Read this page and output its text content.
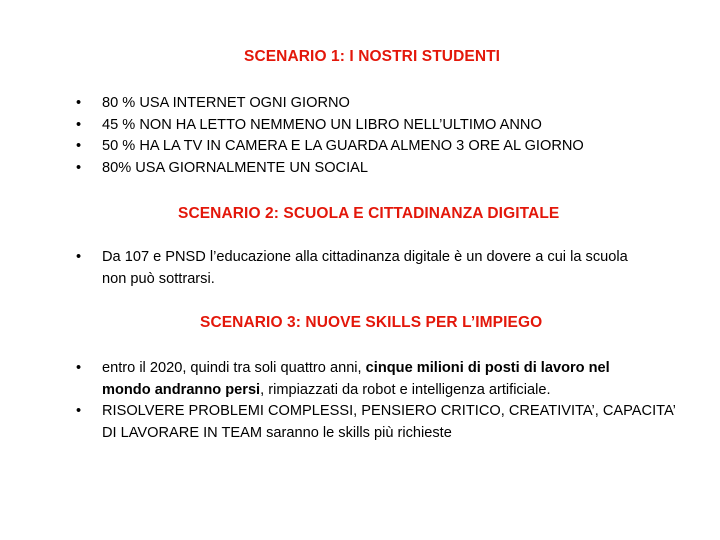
SCENARIO 1: I NOSTRI STUDENTI
•	80 % USA INTERNET OGNI GIORNO
•	45 % NON HA LETTO NEMMENO UN LIBRO NELL’ULTIMO ANNO
•	50 % HA LA TV IN CAMERA E LA GUARDA ALMENO 3 ORE AL GIORNO
•	80% USA GIORNALMENTE UN SOCIAL
SCENARIO 2: SCUOLA E CITTADINANZA DIGITALE
•	Da 107 e PNSD l’educazione alla cittadinanza digitale è un dovere a cui la scuola
non può sottrarsi.
SCENARIO 3: NUOVE SKILLS PER L’IMPIEGO
•	entro il 2020, quindi tra soli quattro anni, cinque milioni di posti di lavoro nel
mondo andranno persi, rimpiazzati da robot e intelligenza artificiale.
•	RISOLVERE PROBLEMI COMPLESSI, PENSIERO CRITICO, CREATIVITA’, CAPACITA’
DI LAVORARE IN TEAM saranno le skills più richieste
